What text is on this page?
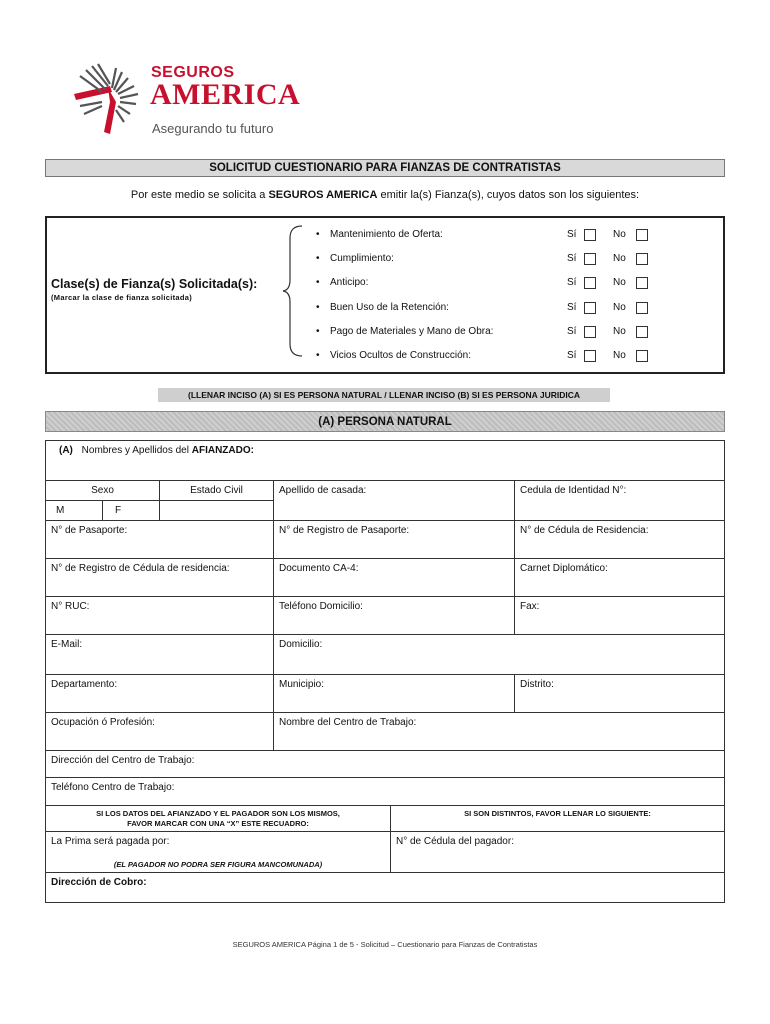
SEGUROS
AMERICA
Asegurando tu futuro
SOLICITUD CUESTIONARIO PARA FIANZAS DE CONTRATISTAS
Por este medio se solicita a SEGUROS AMERICA emitir la(s) Fianza(s), cuyos datos son los siguientes:
Clase(s) de Fianza(s) Solicitada(s):
(Marcar la clase de fianza solicitada)
• Mantenimiento de Oferta:	Sí	No
• Cumplimiento:	Sí	No
• Anticipo:	Sí	No
• Buen Uso de la Retención:	Sí	No
• Pago de Materiales y Mano de Obra:	Sí	No
• Vicios Ocultos de Construcción:	Sí	No
(LLENAR INCISO (A) SI ES PERSONA NATURAL / LLENAR INCISO (B) SI ES PERSONA JURIDICA
(A) PERSONA NATURAL
(A) Nombres y Apellidos del AFIANZADO:
Sexo	Estado Civil
M	F
Apellido de casada:	Cedula de Identidad N°:
N° de Pasaporte:	N° de Registro de Pasaporte:	N° de Cédula de Residencia:
N° de Registro de Cédula de residencia:	Documento CA-4:	Carnet Diplomático:
N° RUC:	Teléfono Domicilio:	Fax:
E-Mail:	Domicilio:
Departamento:	Municipio:	Distrito:
Ocupación ó Profesión:	Nombre del Centro de Trabajo:
Dirección del Centro de Trabajo:
Teléfono Centro de Trabajo:
SI LOS DATOS DEL AFIANZADO Y EL PAGADOR SON LOS MISMOS, FAVOR MARCAR CON UNA “X” ESTE RECUADRO:
SI SON DISTINTOS, FAVOR LLENAR LO SIGUIENTE:
La Prima será pagada por:
(EL PAGADOR NO PODRA SER FIGURA MANCOMUNADA)
N° de Cédula del pagador:
Dirección de Cobro:
SEGUROS AMERICA Página 1 de 5 - Solicitud – Cuestionario para Fianzas de Contratistas
